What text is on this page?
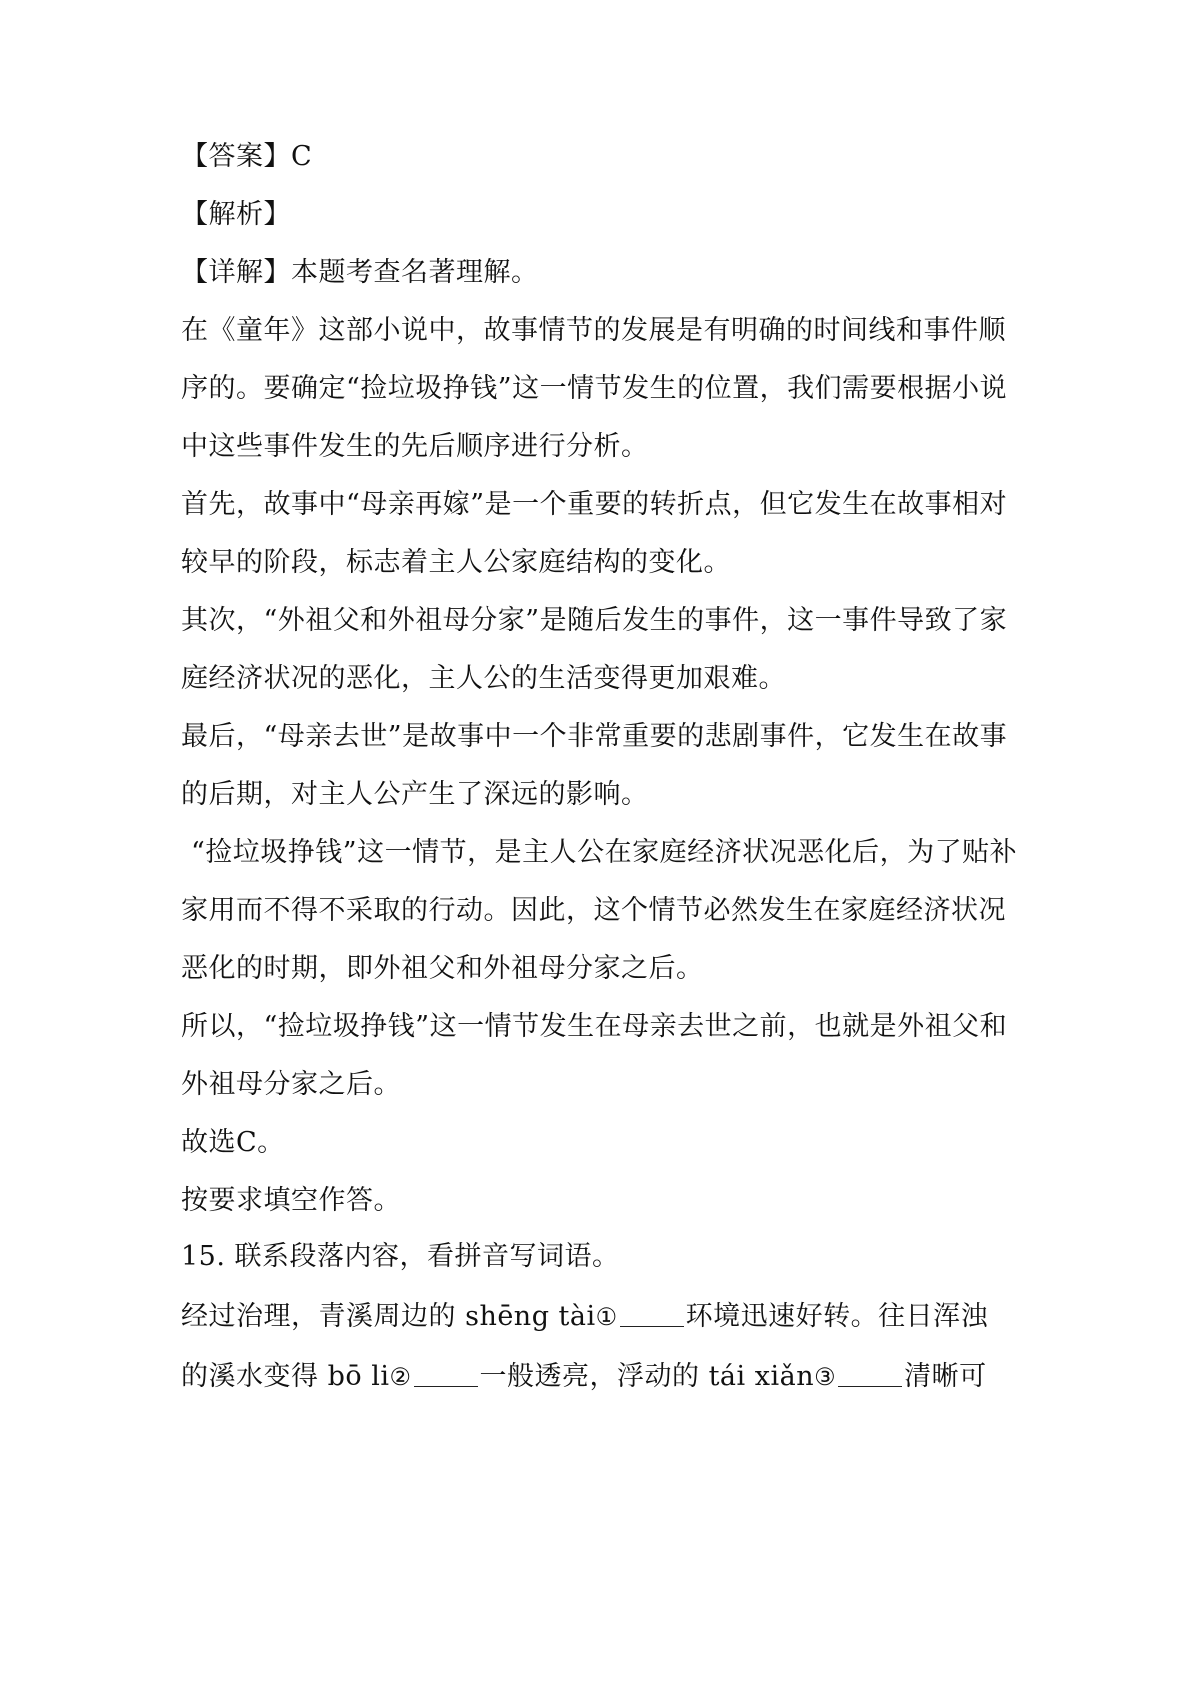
【答案】C
【解析】
【详解】本题考查名著理解。
在《童年》这部小说中，故事情节的发展是有明确的时间线和事件顺
序的。要确定“捡垃圾挣钱”这一情节发生的位置，我们需要根据小说
中这些事件发生的先后顺序进行分析。
首先，故事中“母亲再嫁”是一个重要的转折点，但它发生在故事相对
较早的阶段，标志着主人公家庭结构的变化。
其次，“外祖父和外祖母分家”是随后发生的事件，这一事件导致了家
庭经济状况的恶化，主人公的生活变得更加艰难。
最后，“母亲去世”是故事中一个非常重要的悲剧事件，它发生在故事
的后期，对主人公产生了深远的影响。
“捡垃圾挣钱”这一情节，是主人公在家庭经济状况恶化后，为了贴补
家用而不得不采取的行动。因此，这个情节必然发生在家庭经济状况
恶化的时期，即外祖父和外祖母分家之后。
所以，“捡垃圾挣钱”这一情节发生在母亲去世之前，也就是外祖父和
外祖母分家之后。
故选C。
按要求填空作答。
15. 联系段落内容，看拼音写词语。
经过治理，青溪周边的 shēng tài①	环境迅速好转。往日浑浊
的溪水变得 bō li②	一般透亮，浮动的 tái xiǎn③	清晰可
